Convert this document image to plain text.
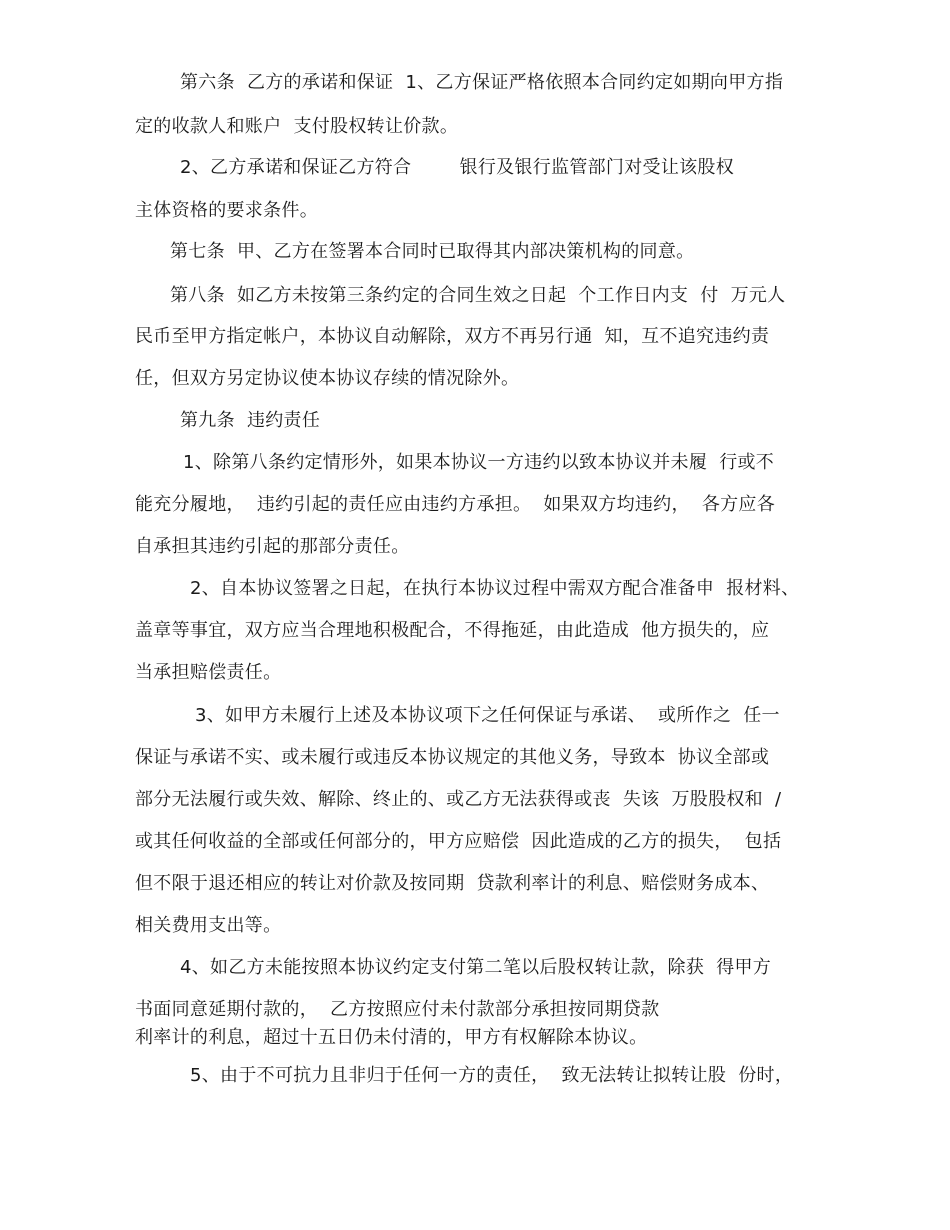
第六条  乙方的承诺和保证  1、乙方保证严格依照本合同约定如期向甲方指
定的收款人和账户  支付股权转让价款。
2、乙方承诺和保证乙方符合        银行及银行监管部门对受让该股权
主体资格的要求条件。
第七条  甲、乙方在签署本合同时已取得其内部决策机构的同意。
第八条  如乙方未按第三条约定的合同生效之日起  个工作日内支  付  万元人
民币至甲方指定帐户，本协议自动解除，双方不再另行通  知，互不追究违约责
任，但双方另定协议使本协议存续的情况除外。
第九条  违约责任
1、除第八条约定情形外，如果本协议一方违约以致本协议并未履  行或不
能充分履地，  违约引起的责任应由违约方承担。  如果双方均违约，  各方应各
自承担其违约引起的那部分责任。
2、自本协议签署之日起，在执行本协议过程中需双方配合准备申  报材料、
盖章等事宜，双方应当合理地积极配合，不得拖延，由此造成  他方损失的，应
当承担赔偿责任。
3、如甲方未履行上述及本协议项下之任何保证与承诺、  或所作之  任一
保证与承诺不实、或未履行或违反本协议规定的其他义务，导致本  协议全部或
部分无法履行或失效、解除、终止的、或乙方无法获得或丧  失该  万股股权和  /
或其任何收益的全部或任何部分的，甲方应赔偿  因此造成的乙方的损失，  包括
但不限于退还相应的转让对价款及按同期  贷款利率计的利息、赔偿财务成本、
相关费用支出等。
4、如乙方未能按照本协议约定支付第二笔以后股权转让款，除获  得甲方
书面同意延期付款的，  乙方按照应付未付款部分承担按同期贷款
利率计的利息，超过十五日仍未付清的，甲方有权解除本协议。
5、由于不可抗力且非归于任何一方的责任，  致无法转让拟转让股  份时，
